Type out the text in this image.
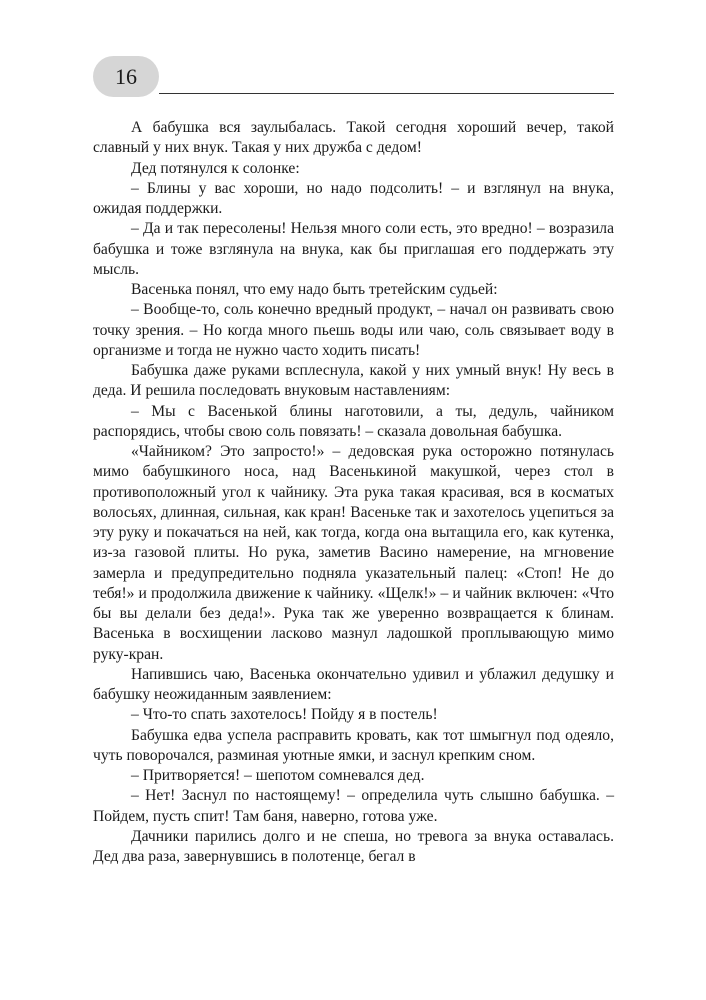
16

А бабушка вся заулыбалась. Такой сегодня хороший вечер, такой славный у них внук. Такая у них дружба с дедом!

Дед потянулся к солонке:

– Блины у вас хороши, но надо подсолить! – и взглянул на внука, ожидая поддержки.

– Да и так пересолены! Нельзя много соли есть, это вредно! – возразила бабушка и тоже взглянула на внука, как бы приглашая его поддержать эту мысль.

Васенька понял, что ему надо быть третейским судьей:

– Вообще-то, соль конечно вредный продукт, – начал он развивать свою точку зрения. – Но когда много пьешь воды или чаю, соль связывает воду в организме и тогда не нужно часто ходить писать!

Бабушка даже руками всплеснула, какой у них умный внук! Ну весь в деда. И решила последовать внуковым наставлениям:

– Мы с Васенькой блины наготовили, а ты, дедуль, чайником распорядись, чтобы свою соль повязать! – сказала довольная бабушка.

«Чайником? Это запросто!» – дедовская рука осторожно потянулась мимо бабушкиного носа, над Васенькиной макушкой, через стол в противоположный угол к чайнику. Эта рука такая красивая, вся в косматых волосьях, длинная, сильная, как кран! Васеньке так и захотелось уцепиться за эту руку и покачаться на ней, как тогда, когда она вытащила его, как кутенка, из-за газовой плиты. Но рука, заметив Васино намерение, на мгновение замерла и предупредительно подняла указательный палец: «Стоп! Не до тебя!» и продолжила движение к чайнику. «Щелк!» – и чайник включен: «Что бы вы делали без деда!». Рука так же уверенно возвращается к блинам. Васенька в восхищении ласково мазнул ладошкой проплывающую мимо руку-кран.

Напившись чаю, Васенька окончательно удивил и ублажил дедушку и бабушку неожиданным заявлением:

– Что-то спать захотелось! Пойду я в постель!

Бабушка едва успела расправить кровать, как тот шмыгнул под одеяло, чуть поворочался, разминая уютные ямки, и заснул крепким сном.

– Притворяется! – шепотом сомневался дед.

– Нет! Заснул по настоящему! – определила чуть слышно бабушка. – Пойдем, пусть спит! Там баня, наверно, готова уже.

Дачники парились долго и не спеша, но тревога за внука оставалась. Дед два раза, завернувшись в полотенце, бегал в
